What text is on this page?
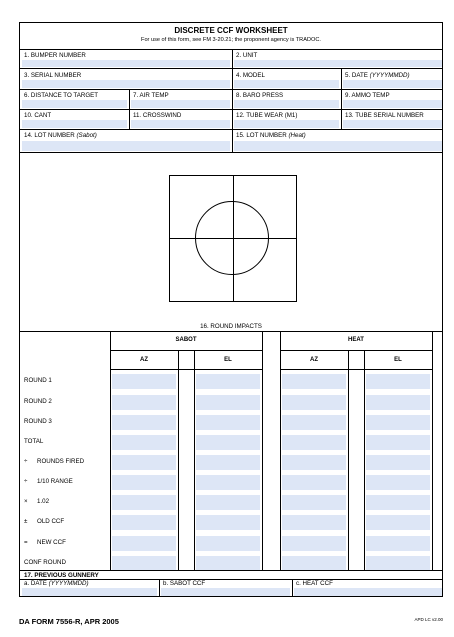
DISCRETE CCF WORKSHEET
For use of this form, see FM 3-20.21; the proponent agency is TRADOC.
1. BUMPER NUMBER	2. UNIT
3. SERIAL NUMBER	4. MODEL	5. DATE (YYYYMMDD)
6. DISTANCE TO TARGET	7. AIR TEMP	8. BARO PRESS	9. AMMO TEMP
10. CANT	11. CROSSWIND	12. TUBE WEAR (M1)	13. TUBE SERIAL NUMBER
14. LOT NUMBER (Sabot)	15. LOT NUMBER (Heat)
16. ROUND IMPACTS
SABOT	HEAT
AZ	EL	AZ	EL
ROUND 1
ROUND 2
ROUND 3
TOTAL
÷ ROUNDS FIRED
÷ 1/10 RANGE
× 1.02
± OLD CCF
= NEW CCF
CONF ROUND
17. PREVIOUS GUNNERY
a. DATE (YYYYMMDD)	b. SABOT CCF	c. HEAT CCF
DA FORM 7556-R, APR 2005	APD LC v2.00
